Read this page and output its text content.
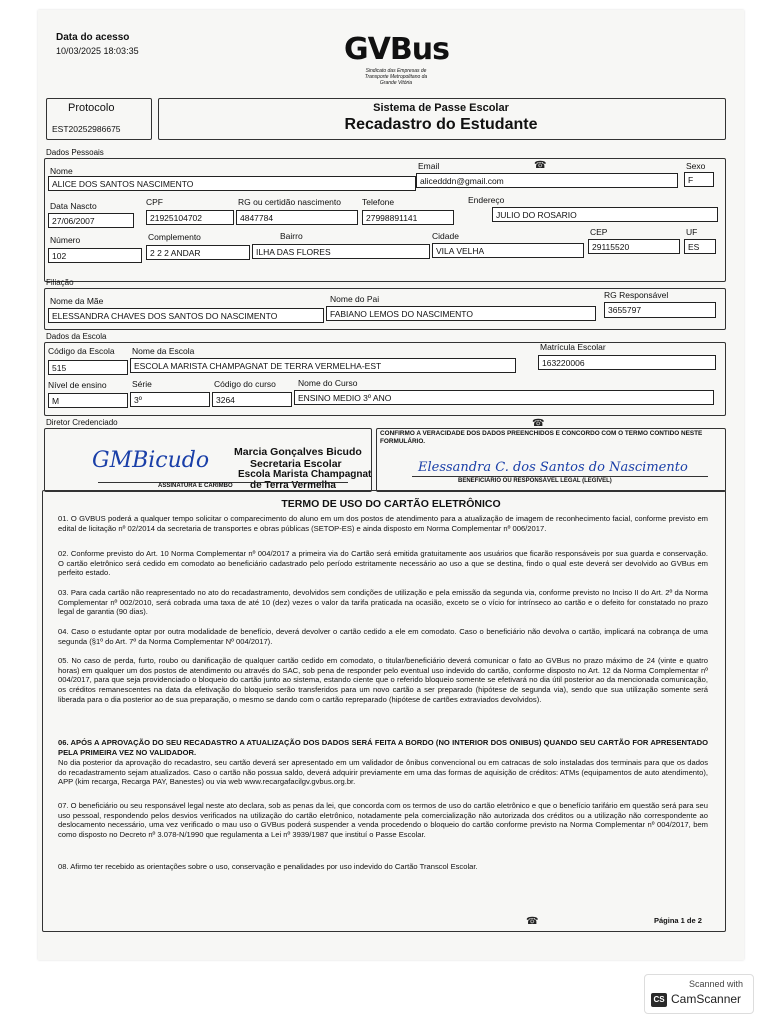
Data do acesso
10/03/2025 18:03:35	GVBus
Sindicato das Empresas de Transporte Metropolitano da Grande Vitória
Protocolo
EST20252986675
Sistema de Passe Escolar
Recadastro do Estudante
Dados Pessoais
Nome
ALICE DOS SANTOS NASCIMENTO
Email
alicedddn@gmail.com
Sexo
F
Data Nascto
27/06/2007
CPF
21925104702
RG ou certidão nascimento
4847784
Telefone
27998891141
Endereço
JULIO DO ROSARIO
Número
102
Complemento
2 2 2 ANDAR
Bairro
ILHA DAS FLORES
Cidade
VILA VELHA
CEP
29115520
UF
ES
Filiação
Nome da Mãe
ELESSANDRA CHAVES DOS SANTOS DO NASCIMENTO
Nome do Pai
FABIANO LEMOS DO NASCIMENTO
RG Responsável
3655797
Dados da Escola
Código da Escola
515
Nome da Escola
ESCOLA MARISTA CHAMPAGNAT DE TERRA VERMELHA-EST
Matrícula Escolar
163220006
Nível de ensino
M
Série
3º
Código do curso
3264
Nome do Curso
ENSINO MEDIO 3º ANO
Diretor Credenciado
GMBicudo Marcia Gonçalves Bicudo
Secretaria Escolar
Escola Marista Champagnat
de Terra Vermelha
ASSINATURA E CARIMBO
CONFIRMO A VERACIDADE DOS DADOS PREENCHIDOS E CONCORDO COM O TERMO CONTIDO NESTE FORMULÁRIO.
Elessandra C. dos Santos do Nascimento
BENEFICIÁRIO OU RESPONSÁVEL LEGAL (LEGÍVEL)
TERMO DE USO DO CARTÃO ELETRÔNICO
01. O GVBUS poderá a qualquer tempo solicitar o comparecimento do aluno em um dos postos de atendimento para a atualização de imagem de reconhecimento facial, conforme previsto em edital de licitação nº 02/2014 da secretaria de transportes e obras públicas (SETOP-ES) e ainda disposto em Norma Complementar nº 006/2017.
02. Conforme previsto do Art. 10 Norma Complementar nº 004/2017 a primeira via do Cartão será emitida gratuitamente aos usuários que ficarão responsáveis por sua guarda e conservação. O cartão eletrônico será cedido em comodato ao beneficiário cadastrado pelo período estritamente necessário ao uso a que se destina, findo o qual este deverá ser devolvido ao GVBus em perfeito estado.
03. Para cada cartão não reapresentado no ato do recadastramento, devolvidos sem condições de utilização e pela emissão da segunda via, conforme previsto no Inciso II do Art. 2º da Norma Complementar nº 002/2010, será cobrada uma taxa de até 10 (dez) vezes o valor da tarifa praticada na ocasião, exceto se o vício for intrínseco ao cartão e o defeito for constatado no prazo legal de garantia (90 dias).
04. Caso o estudante optar por outra modalidade de benefício, deverá devolver o cartão cedido a ele em comodato. Caso o beneficiário não devolva o cartão, implicará na cobrança de uma segunda (§1º do Art. 7º da Norma Complementar Nº 004/2017).
05. No caso de perda, furto, roubo ou danificação de qualquer cartão cedido em comodato, o titular/beneficiário deverá comunicar o fato ao GVBus no prazo máximo de 24 (vinte e quatro horas) em qualquer um dos postos de atendimento ou através do SAC, sob pena de responder pelo eventual uso indevido do cartão, conforme disposto no Art. 12 da Norma Complementar nº 004/2017, para que seja providenciado o bloqueio do cartão junto ao sistema, estando ciente que o referido bloqueio somente se efetivará no dia útil posterior ao da mencionada comunicação, os créditos remanescentes na data da efetivação do bloqueio serão transferidos para um novo cartão a ser preparado (hipótese de segunda via), sendo que sua utilização somente será liberada para o dia posterior ao de sua preparação, o mesmo se dando com o cartão repreparado (hipótese de cartões extraviados devolvidos).
06. APÓS A APROVAÇÃO DO SEU RECADASTRO A ATUALIZAÇÃO DOS DADOS SERÁ FEITA A BORDO (NO INTERIOR DOS ONIBUS) QUANDO SEU CARTÃO FOR APRESENTADO PELA PRIMEIRA VEZ NO VALIDADOR.
No dia posterior da aprovação do recadastro, seu cartão deverá ser apresentado em um validador de ônibus convencional ou em catracas de solo instaladas dos terminais para que os dados do recadastramento sejam atualizados. Caso o cartão não possua saldo, deverá adquirir previamente em uma das formas de aquisição de créditos: ATMs (equipamentos de auto atendimento), APP (kim recarga, Recarga PAY, Banestes) ou via web www.recargafacilgv.gvbus.org.br.
07. O beneficiário ou seu responsável legal neste ato declara, sob as penas da lei, que concorda com os termos de uso do cartão eletrônico e que o benefício tarifário em questão será para seu uso pessoal, respondendo pelos desvios verificados na utilização do cartão eletrônico, notadamente pela comercialização não autorizada dos créditos ou a utilização não correspondente ao deslocamento necessário, uma vez verificado o mau uso o GVBus poderá suspender a venda procedendo o bloqueio do cartão conforme previsto na Norma Complementar nº 004/2017, bem como disposto no Decreto nº 3.078-N/1990 que regulamenta a Lei nº 3939/1987 que instituí o Passe Escolar.
08. Afirmo ter recebido as orientações sobre o uso, conservação e penalidades por uso indevido do Cartão Transcol Escolar.
Página 1 de 2
☎
☎
☎
Scanned with
CS CamScanner
